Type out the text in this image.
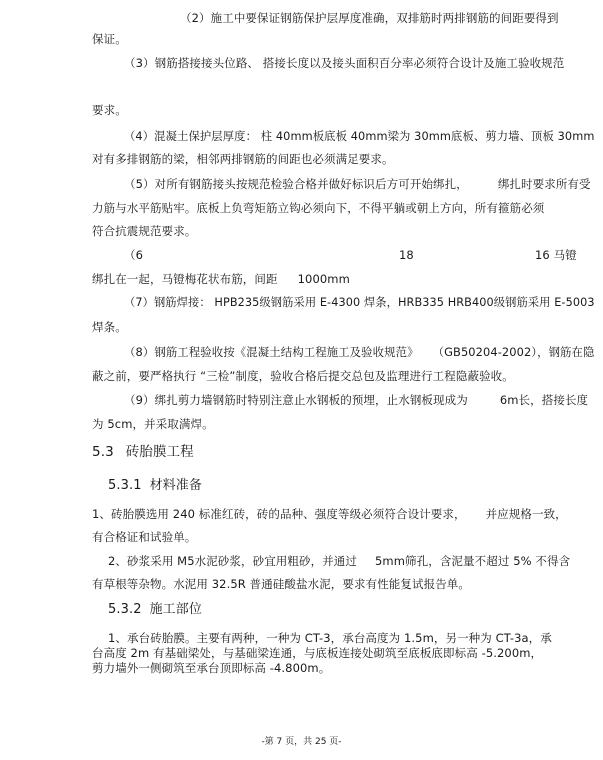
（2）施工中要保证钢筋保护层厚度准确，双排筋时两排钢筋的间距要得到
保证。
（3）钢筋搭接接头位路、 搭接长度以及接头面积百分率必须符合设计及施工验收规范
要求。
（4）混凝土保护层厚度： 柱 40mm板底板 40mm梁为 30mm底板、剪力墙、顶板 30mm
对有多排钢筋的梁，相邻两排钢筋的间距也必须满足要求。
（5）对所有钢筋接头按规范检验合格并做好标识后方可开始绑扎，	绑扎时要求所有受
力筋与水平筋贴牢。底板上负弯矩筋立钩必须向下，不得平躺或朝上方向，所有箍筋必须
符合抗震规范要求。
（6	18	16 马镫
绑扎在一起，马镫梅花状布筋，间距 1000mm
（7）钢筋焊接： HPB235级钢筋采用 E-4300 焊条，HRB335 HRB400级钢筋采用 E-5003
焊条。
（8）钢筋工程验收按《混凝土结构工程施工及验收规范》 （GB50204-2002），钢筋在隐
蔽之前，要严格执行 “三检”制度，验收合格后提交总包及监理进行工程隐蔽验收。
（9）绑扎剪力墙钢筋时特别注意止水钢板的预埋，止水钢板现成为	6m长，搭接长度
为 5cm，并采取满焊。
5.3 砖胎膜工程
5.3.1 材料准备
1、砖胎膜选用 240 标准红砖，砖的品种、强度等级必须符合设计要求， 并应规格一致，
有合格证和试验单。
2、砂浆采用 M5水泥砂浆，砂宜用粗砂，并通过 5mm筛孔，含泥量不超过 5% 不得含
有草根等杂物。水泥用 32.5R 普通硅酸盐水泥，要求有性能复试报告单。
5.3.2 施工部位
1、承台砖胎膜。主要有两种，一种为 CT-3，承台高度为 1.5m，另一种为 CT-3a，承
台高度 2m 有基础梁处，与基础梁连通，与底板连接处砌筑至底板底即标高 -5.200m，
剪力墙外一侧砌筑至承台顶即标高 -4.800m。
-第 7 页，共 25 页-
